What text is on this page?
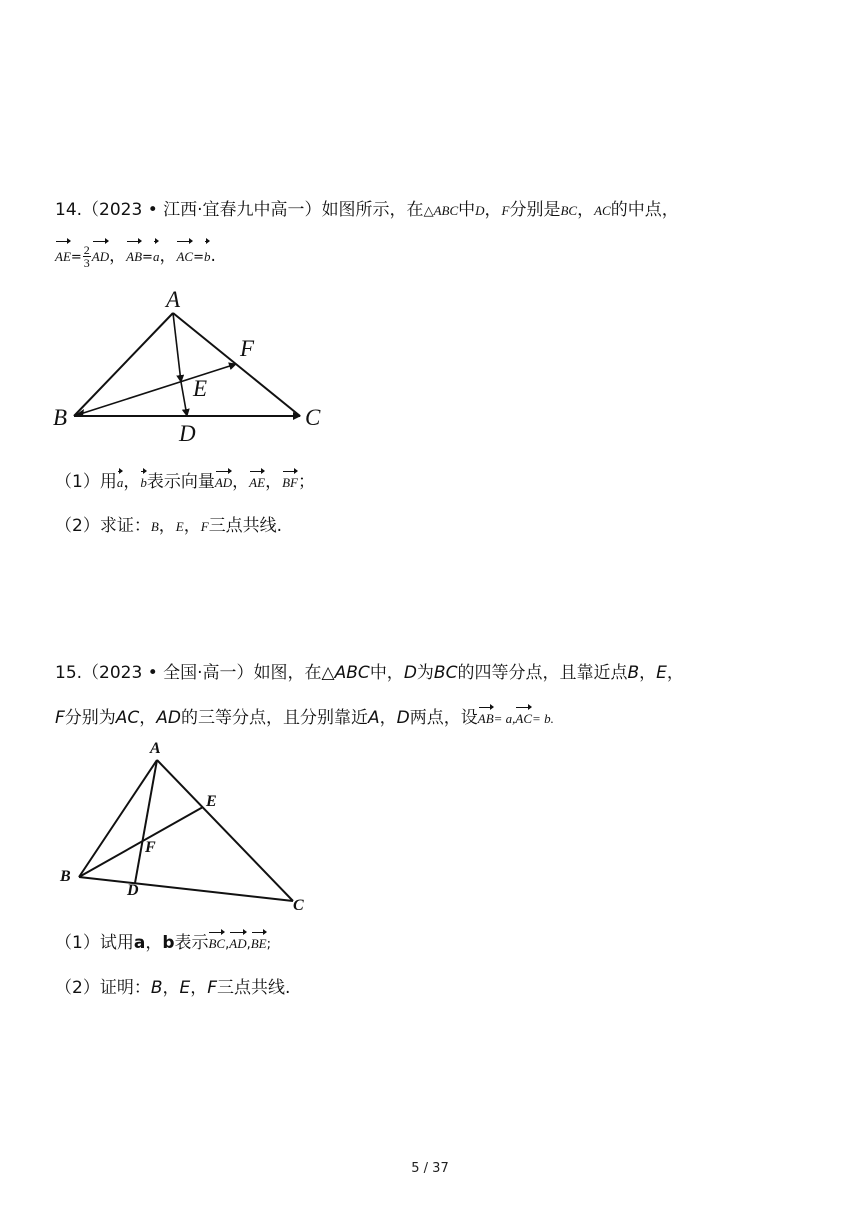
14.（2023 • 江西·宜春九中高一）如图所示，在△ABC中D，F分别是BC，AC的中点，
$AE= \frac{2}{3}$ AD，AB=a，AC=b.
A
B	C
D
E
F
（1）用a，b表示向量AD，AE，BF；
（2）求证：B，E，F三点共线.
15.（2023 • 全国·高一）如图，在△ABC中，D为BC的四等分点，且靠近点B，E，
F分别为AC，AD的三等分点，且分别靠近A，D两点，设AB= a,AC= b.
A
B
C
D
E
F
（1）试用a，b表示BC,AD,BE;
（2）证明：B，E，F三点共线.
5 / 37
